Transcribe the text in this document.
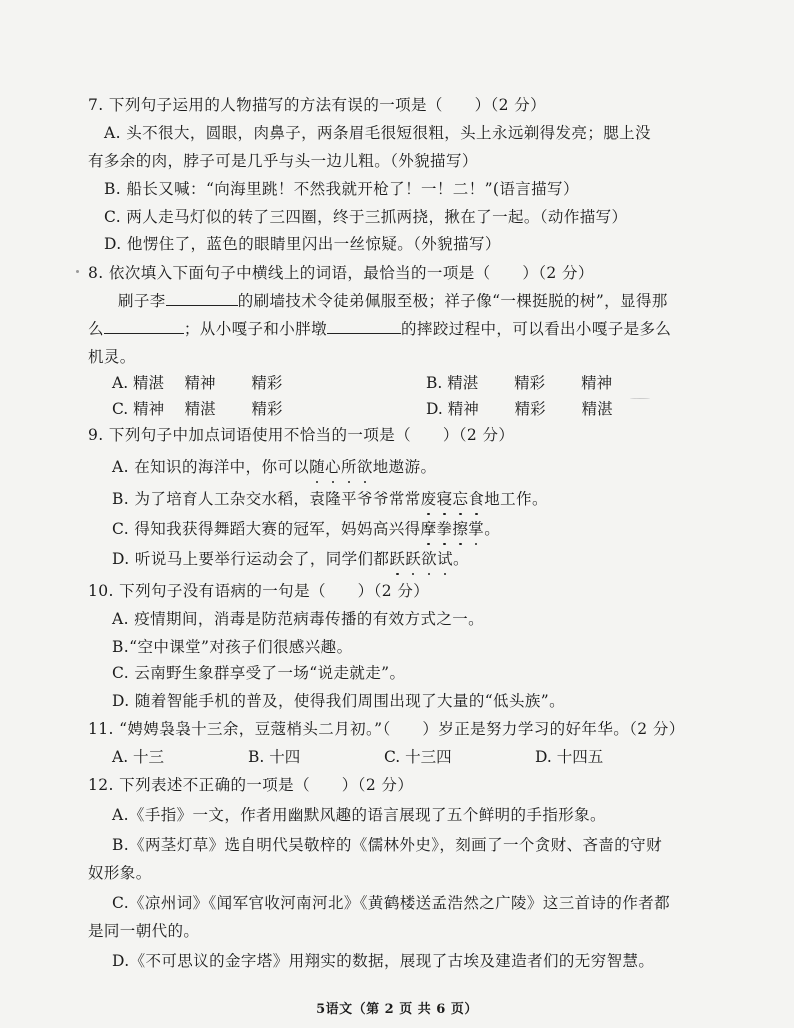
7. 下列句子运用的人物描写的方法有误的一项是（　　）（2 分）
A. 头不很大，圆眼，肉鼻子，两条眉毛很短很粗，头上永远剃得发亮；腮上没
有多余的肉，脖子可是几乎与头一边儿粗。（外貌描写）
B. 船长又喊：“向海里跳！不然我就开枪了！一！二！”(语言描写）
C. 两人走马灯似的转了三四圈，终于三抓两挠，揪在了一起。（动作描写）
D. 他愣住了，蓝色的眼睛里闪出一丝惊疑。（外貌描写）
8. 依次填入下面句子中横线上的词语，最恰当的一项是（　　）（2 分）
刷子李	的刷墙技术令徒弟佩服至极；祥子像“一棵挺脱的树”，显得那
么	；从小嘎子和小胖墩	的摔跤过程中，可以看出小嘎子是多么
机灵。
A. 精湛　 精神　　 精彩	B. 精湛　　 精彩　　 精神
C. 精神　 精湛　　 精彩	D. 精神　　 精彩　　 精湛
9. 下列句子中加点词语使用不恰当的一项是（　　）（2 分）
A. 在知识的海洋中，你可以随心所欲地遨游。
B. 为了培育人工杂交水稻，袁隆平爷爷常常废寝忘食地工作。
C. 得知我获得舞蹈大赛的冠军，妈妈高兴得摩拳擦掌。
D. 听说马上要举行运动会了，同学们都跃跃欲试。
10. 下列句子没有语病的一句是（　　）（2 分）
A. 疫情期间，消毒是防范病毒传播的有效方式之一。
B.“空中课堂”对孩子们很感兴趣。
C. 云南野生象群享受了一场“说走就走”。
D. 随着智能手机的普及，使得我们周围出现了大量的“低头族”。
11. “娉娉袅袅十三余，豆蔻梢头二月初。”（　　）岁正是努力学习的好年华。（2 分）
A. 十三	B. 十四	C. 十三四	D. 十四五
12. 下列表述不正确的一项是（　　）（2 分）
A.《手指》一文，作者用幽默风趣的语言展现了五个鲜明的手指形象。
B.《两茎灯草》选自明代吴敬梓的《儒林外史》，刻画了一个贪财、吝啬的守财
奴形象。
C.《凉州词》《闻军官收河南河北》《黄鹤楼送孟浩然之广陵》这三首诗的作者都
是同一朝代的。
D.《不可思议的金字塔》用翔实的数据，展现了古埃及建造者们的无穷智慧。
5语文（第 2 页 共 6 页）
